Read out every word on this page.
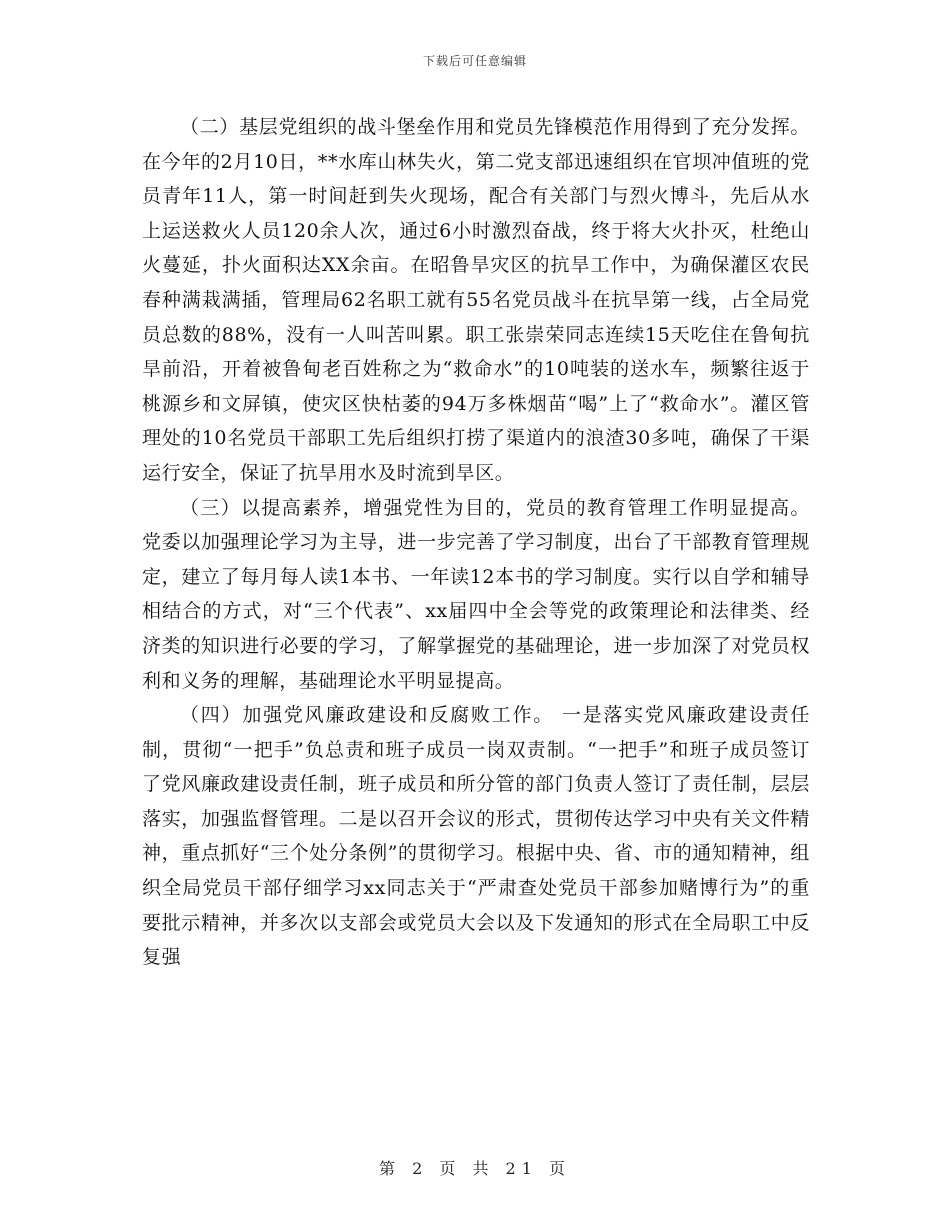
下载后可任意编辑

（二）基层党组织的战斗堡垒作用和党员先锋模范作用得到了充分发挥。 在今年的2月10日，**水库山林失火，第二党支部迅速组织在官坝冲值班的党员青年11人，第一时间赶到失火现场，配合有关部门与烈火博斗，先后从水上运送救火人员120余人次，通过6小时激烈奋战，终于将大火扑灭，杜绝山火蔓延，扑火面积达XX余亩。在昭鲁旱灾区的抗旱工作中，为确保灌区农民春种满栽满插，管理局62名职工就有55名党员战斗在抗旱第一线，占全局党员总数的88%，没有一人叫苦叫累。职工张崇荣同志连续15天吃住在鲁甸抗旱前沿，开着被鲁甸老百姓称之为“救命水”的10吨装的送水车，频繁往返于桃源乡和文屏镇，使灾区快枯萎的94万多株烟苗“喝”上了“救命水”。灌区管理处的10名党员干部职工先后组织打捞了渠道内的浪渣30多吨，确保了干渠运行安全，保证了抗旱用水及时流到旱区。

（三）以提高素养，增强党性为目的，党员的教育管理工作明显提高。 党委以加强理论学习为主导，进一步完善了学习制度，出台了干部教育管理规定，建立了每月每人读1本书、一年读12本书的学习制度。实行以自学和辅导相结合的方式，对“三个代表”、xx届四中全会等党的政策理论和法律类、经济类的知识进行必要的学习，了解掌握党的基础理论，进一步加深了对党员权利和义务的理解，基础理论水平明显提高。

（四）加强党风廉政建设和反腐败工作。 一是落实党风廉政建设责任制，贯彻“一把手”负总责和班子成员一岗双责制。“一把手”和班子成员签订了党风廉政建设责任制，班子成员和所分管的部门负责人签订了责任制，层层落实，加强监督管理。二是以召开会议的形式，贯彻传达学习中央有关文件精神，重点抓好“三个处分条例”的贯彻学习。根据中央、省、市的通知精神，组织全局党员干部仔细学习xx同志关于“严肃查处党员干部参加赌博行为”的重要批示精神，并多次以支部会或党员大会以及下发通知的形式在全局职工中反复强

第 2 页 共 21 页
